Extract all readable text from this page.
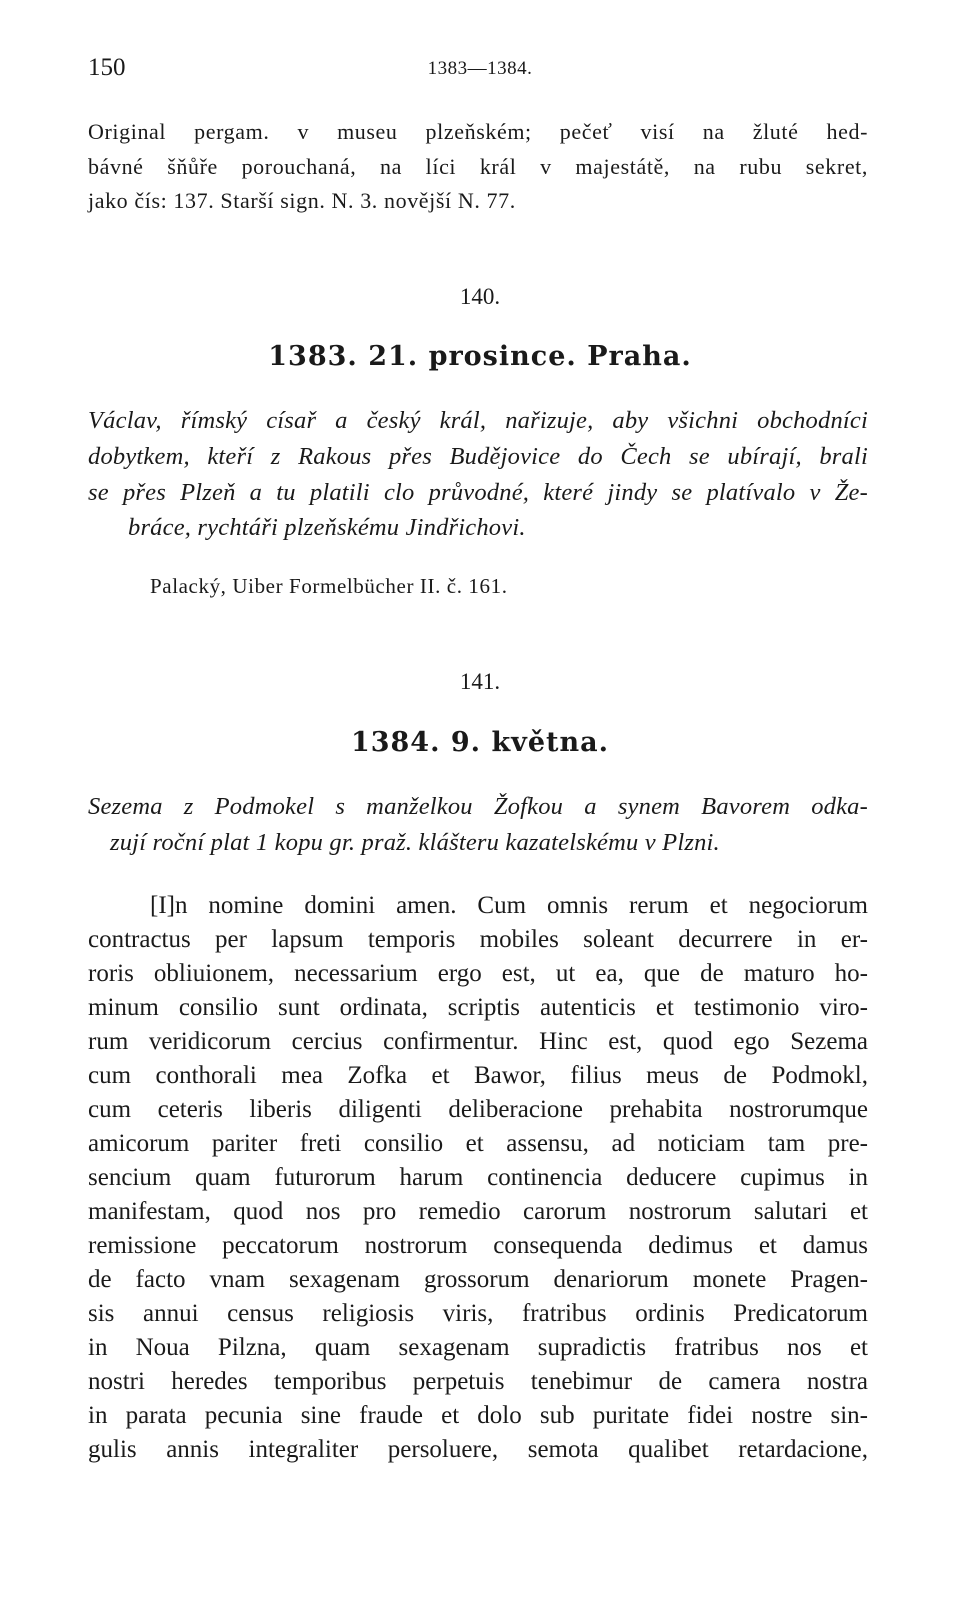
150	1383—1384.
Original pergam. v museu plzeňském; pečeť visí na žluté hed-
bávné šňůře porouchaná, na líci král v majestátě, na rubu sekret,
jako čís: 137. Starší sign. N. 3. novější N. 77.
140.
1383. 21. prosince. Praha.
Václav, římský císař a český král, nařizuje, aby všichni obchodníci
dobytkem, kteří z Rakous přes Budějovice do Čech se ubírají, brali
se přes Plzeň a tu platili clo průvodné, které jindy se platívalo v Že-
bráce, rychtáři plzeňskému Jindřichovi.
Palacký, Uiber Formelbücher II. č. 161.
141.
1384. 9. května.
Sezema z Podmokel s manželkou Žofkou a synem Bavorem odka-
zují roční plat 1 kopu gr. praž. klášteru kazatelskému v Plzni.
[I]n nomine domini amen. Cum omnis rerum et negociorum
contractus per lapsum temporis mobiles soleant decurrere in er-
roris obliuionem, necessarium ergo est, ut ea, que de maturo ho-
minum consilio sunt ordinata, scriptis autenticis et testimonio viro-
rum veridicorum cercius confirmentur. Hinc est, quod ego Sezema
cum conthorali mea Zofka et Bawor, filius meus de Podmokl,
cum ceteris liberis diligenti deliberacione prehabita nostrorumque
amicorum pariter freti consilio et assensu, ad noticiam tam pre-
sencium quam futurorum harum continencia deducere cupimus in
manifestam, quod nos pro remedio carorum nostrorum salutari et
remissione peccatorum nostrorum consequenda dedimus et damus
de facto vnam sexagenam grossorum denariorum monete Pragen-
sis annui census religiosis viris, fratribus ordinis Predicatorum
in Noua Pilzna, quam sexagenam supradictis fratribus nos et
nostri heredes temporibus perpetuis tenebimur de camera nostra
in parata pecunia sine fraude et dolo sub puritate fidei nostre sin-
gulis annis integraliter persoluere, semota qualibet retardacione,
